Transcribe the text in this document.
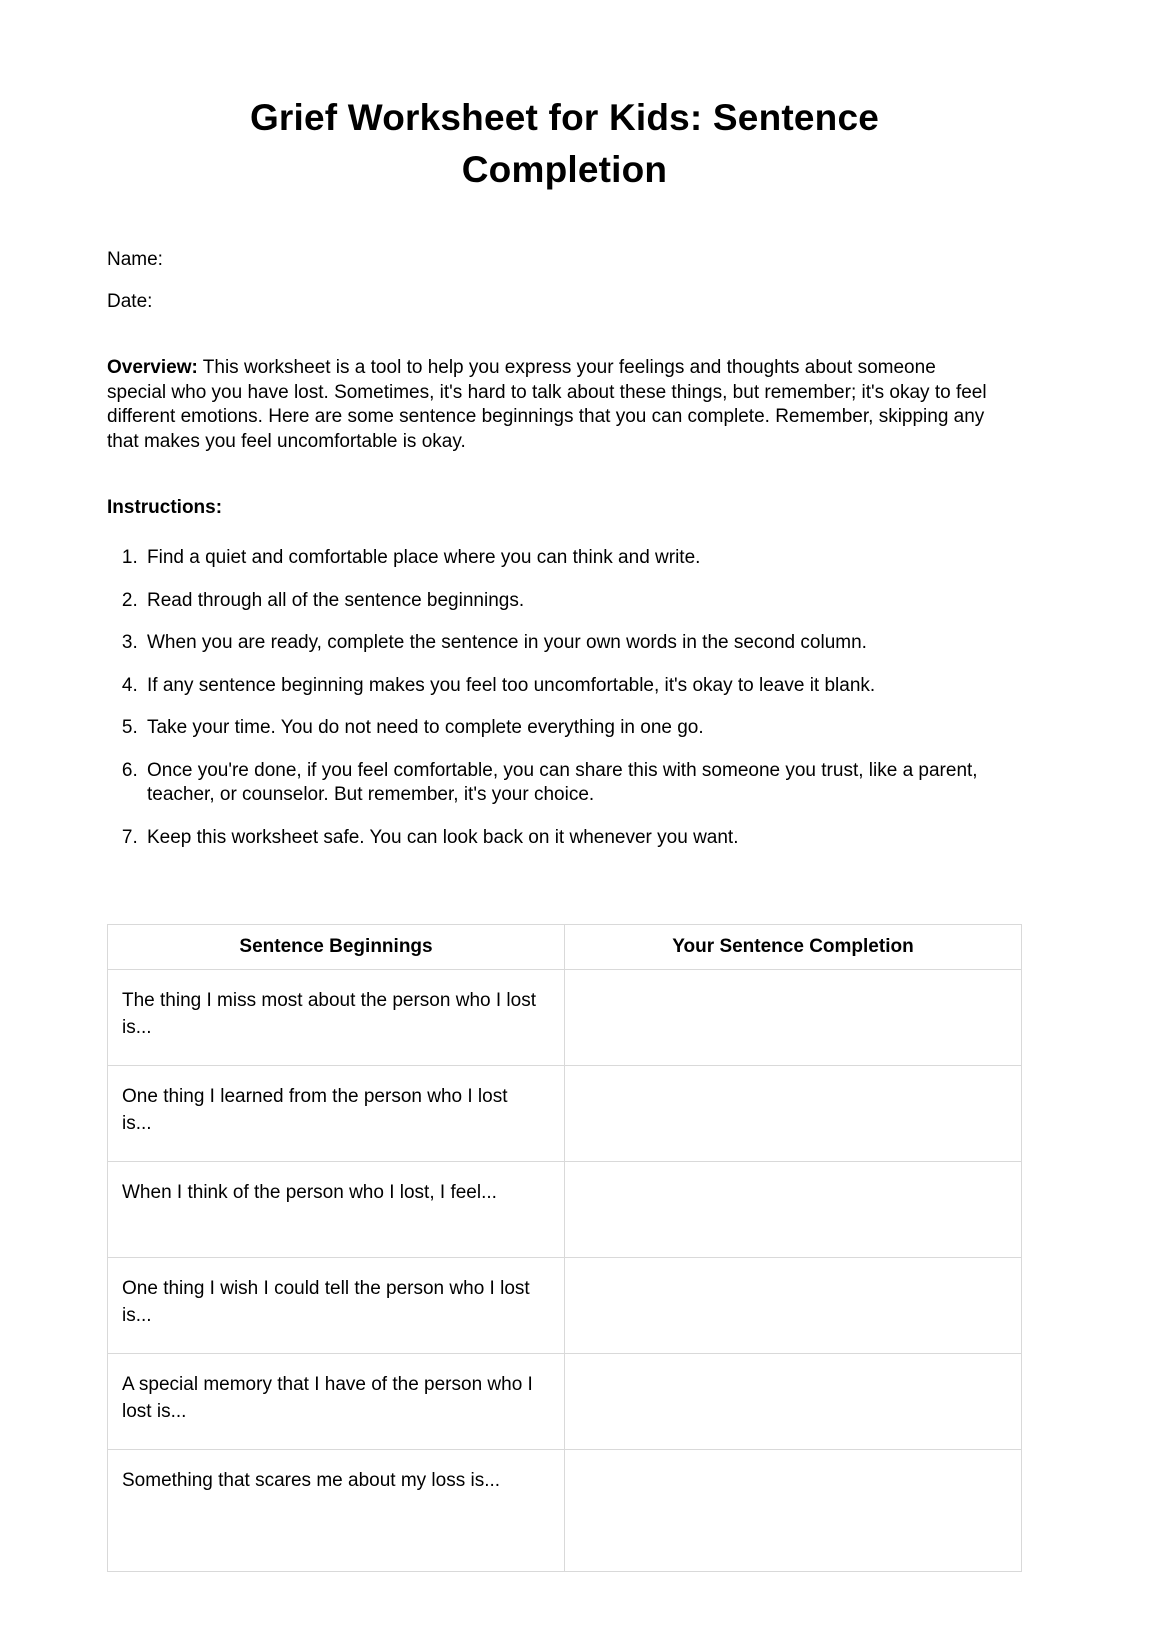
Grief Worksheet for Kids: Sentence Completion
Name:
Date:

Overview: This worksheet is a tool to help you express your feelings and thoughts about someone special who you have lost. Sometimes, it's hard to talk about these things, but remember; it's okay to feel different emotions. Here are some sentence beginnings that you can complete. Remember, skipping any that makes you feel uncomfortable is okay.

Instructions:
1. Find a quiet and comfortable place where you can think and write.
2. Read through all of the sentence beginnings.
3. When you are ready, complete the sentence in your own words in the second column.
4. If any sentence beginning makes you feel too uncomfortable, it's okay to leave it blank.
5. Take your time. You do not need to complete everything in one go.
6. Once you're done, if you feel comfortable, you can share this with someone you trust, like a parent, teacher, or counselor. But remember, it's your choice.
7. Keep this worksheet safe. You can look back on it whenever you want.
Sentence Beginnings	Your Sentence Completion
The thing I miss most about the person who I lost is...	
One thing I learned from the person who I lost is...	
When I think of the person who I lost, I feel...	
One thing I wish I could tell the person who I lost is...	
A special memory that I have of the person who I lost is...	
Something that scares me about my loss is...	
